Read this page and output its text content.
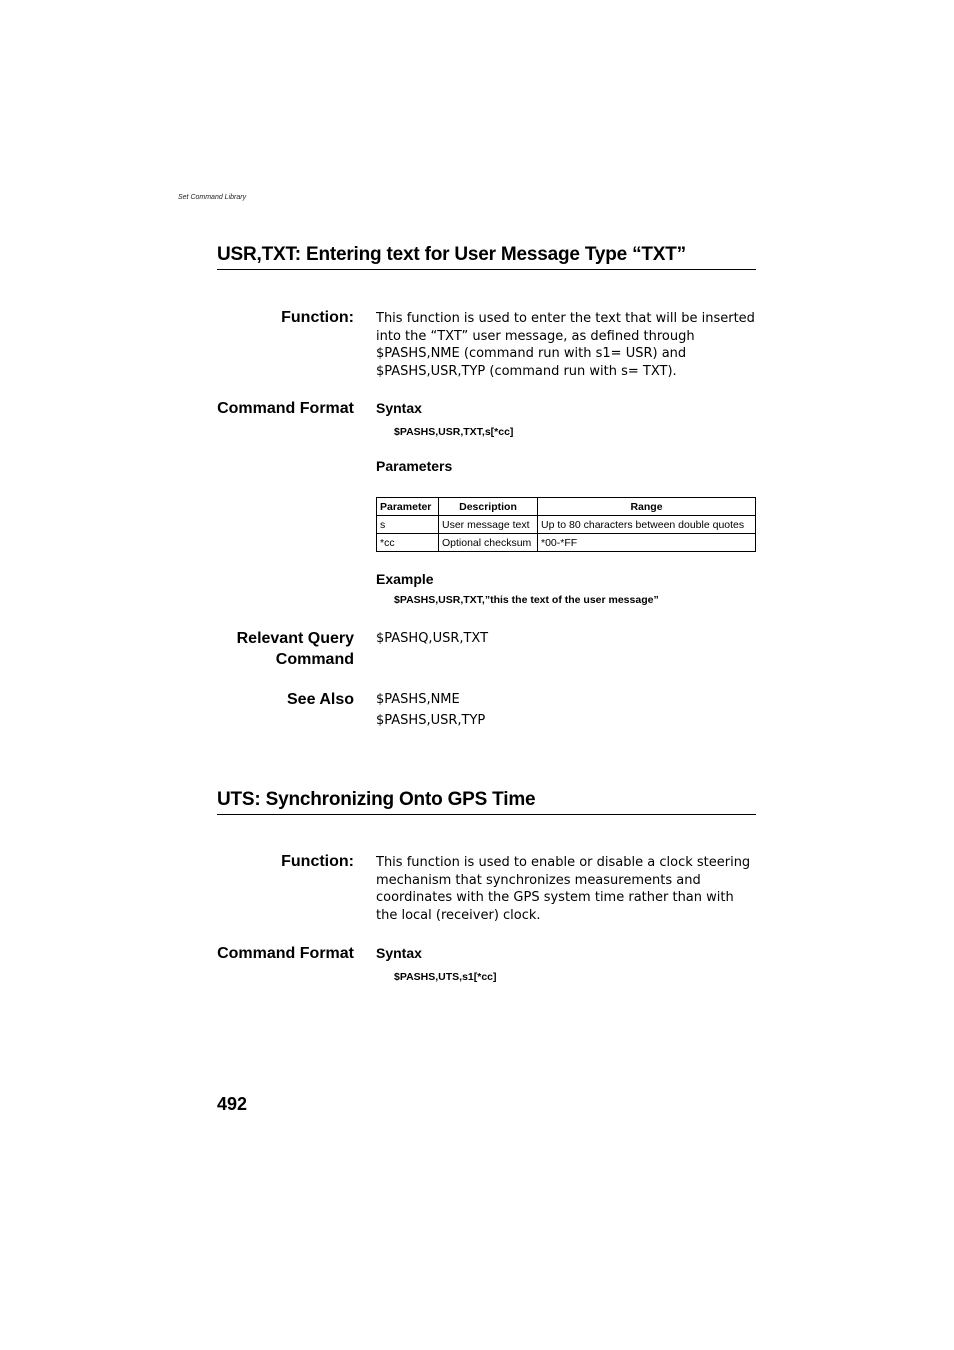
Set Command Library
USR,TXT: Entering text for User Message Type “TXT”
Function: This function is used to enter the text that will be inserted into the “TXT” user message, as defined through $PASHS,NME (command run with s1= USR) and $PASHS,USR,TYP (command run with s= TXT).
Command Format Syntax
$PASHS,USR,TXT,s[*cc]
Parameters
Parameter	Description	Range
s	User message text	Up to 80 characters between double quotes
*cc	Optional checksum	*00-*FF
Example
$PASHS,USR,TXT,”this the text of the user message”
Relevant Query
Command
$PASHQ,USR,TXT
See Also $PASHS,NME
$PASHS,USR,TYP
UTS: Synchronizing Onto GPS Time
Function: This function is used to enable or disable a clock steering mechanism that synchronizes measurements and coordinates with the GPS system time rather than with the local (receiver) clock.
Command Format Syntax
$PASHS,UTS,s1[*cc]
492
